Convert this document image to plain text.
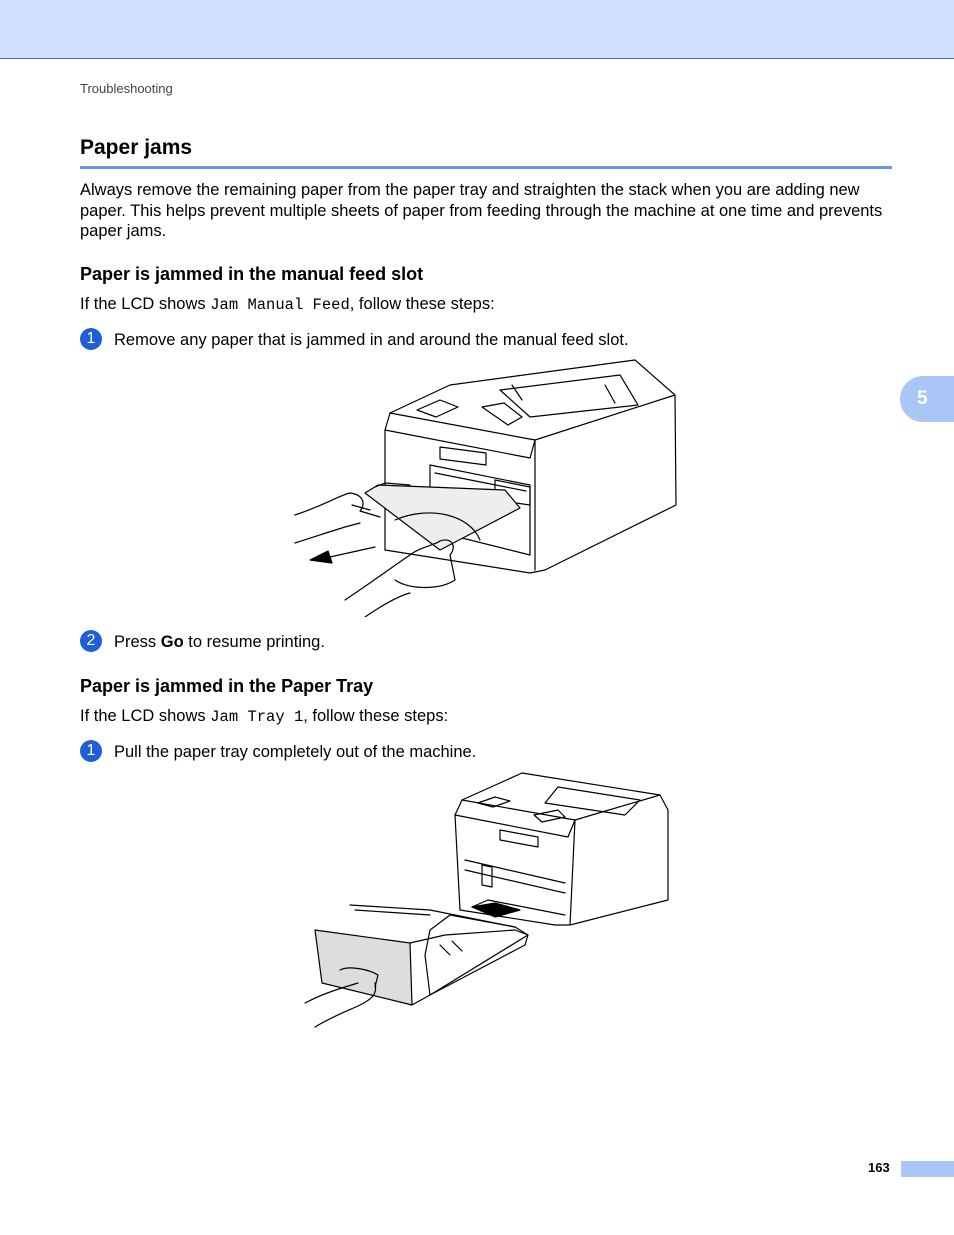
Troubleshooting
Paper jams
Always remove the remaining paper from the paper tray and straighten the stack when you are adding new paper. This helps prevent multiple sheets of paper from feeding through the machine at one time and prevents paper jams.
Paper is jammed in the manual feed slot
If the LCD shows Jam Manual Feed, follow these steps:
1	Remove any paper that is jammed in and around the manual feed slot.
2	Press Go to resume printing.
Paper is jammed in the Paper Tray
If the LCD shows Jam Tray 1, follow these steps:
1	Pull the paper tray completely out of the machine.
5
163
